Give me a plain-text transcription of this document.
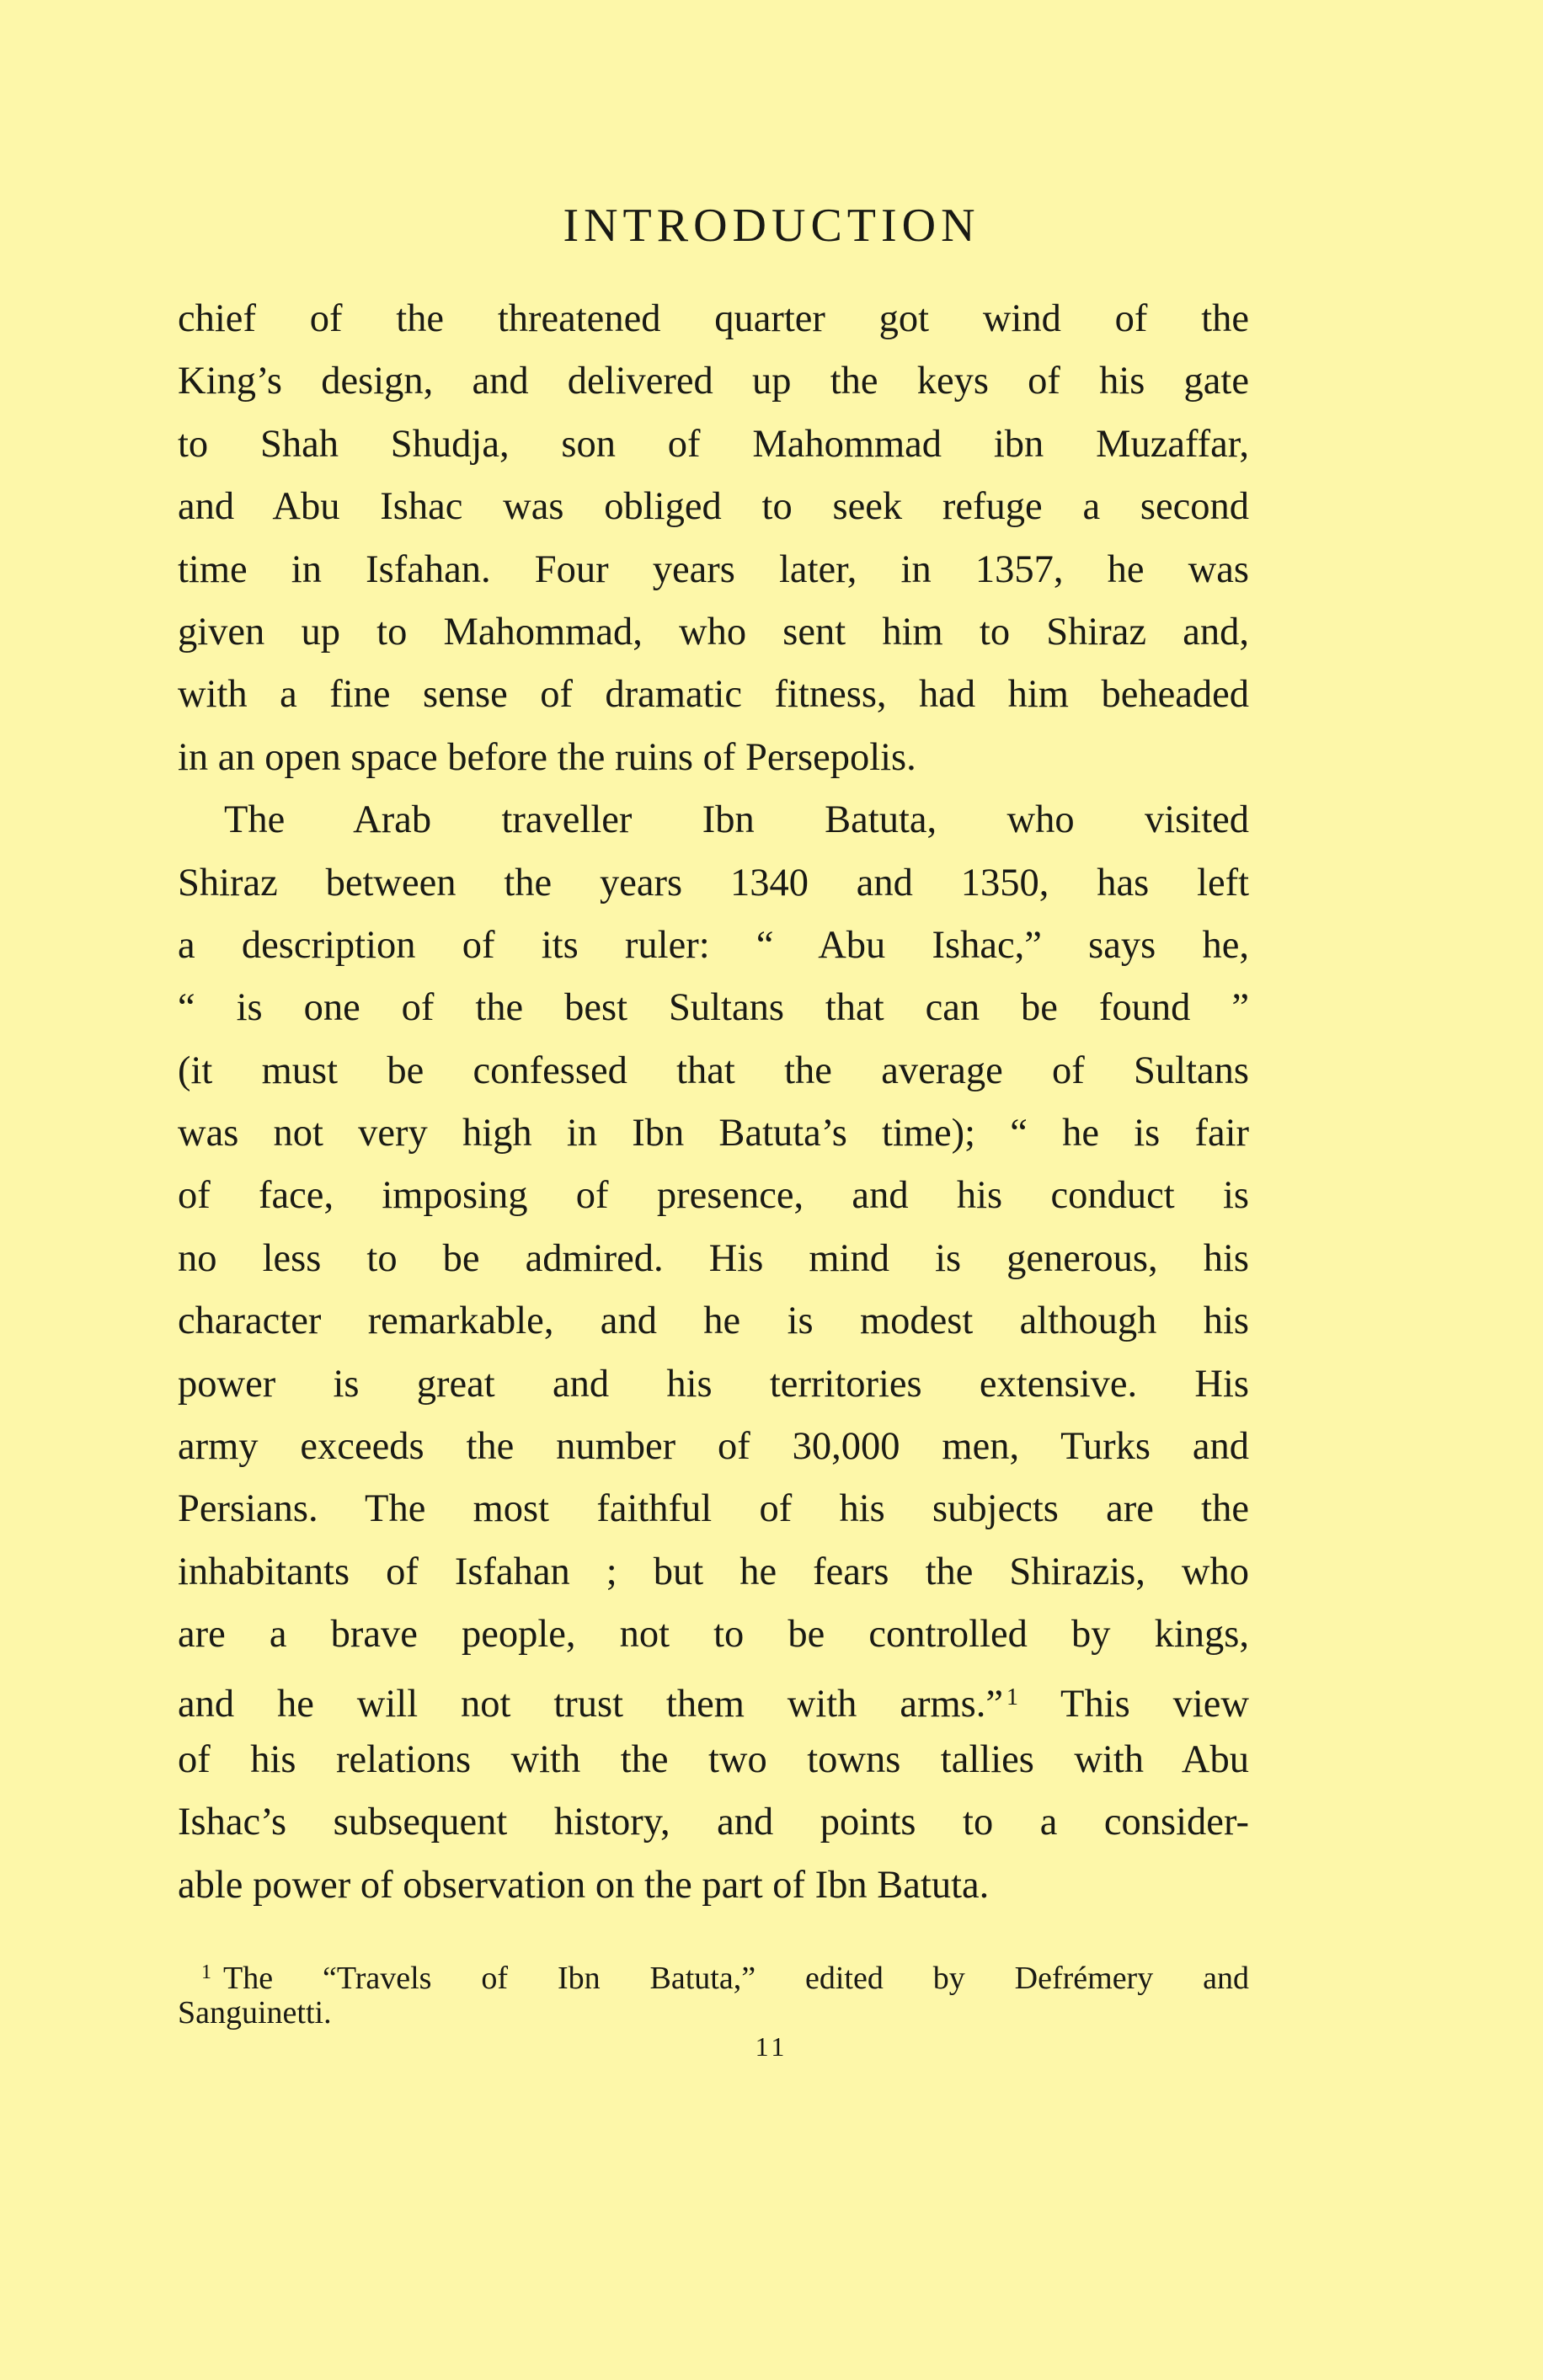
INTRODUCTION
chief of the threatened quarter got wind of the
King’s design, and delivered up the keys of his gate
to Shah Shudja, son of Mahommad ibn Muzaffar,
and Abu Ishac was obliged to seek refuge a second
time in Isfahan. Four years later, in 1357, he was
given up to Mahommad, who sent him to Shiraz and,
with a fine sense of dramatic fitness, had him beheaded
in an open space before the ruins of Persepolis.
The Arab traveller Ibn Batuta, who visited
Shiraz between the years 1340 and 1350, has left
a description of its ruler: “ Abu Ishac,” says he,
“ is one of the best Sultans that can be found ”
(it must be confessed that the average of Sultans
was not very high in Ibn Batuta’s time); “ he is fair
of face, imposing of presence, and his conduct is
no less to be admired. His mind is generous, his
character remarkable, and he is modest although his
power is great and his territories extensive. His
army exceeds the number of 30,000 men, Turks and
Persians. The most faithful of his subjects are the
inhabitants of Isfahan ; but he fears the Shirazis, who
are a brave people, not to be controlled by kings,
and he will not trust them with arms.” $^1$ This view
of his relations with the two towns tallies with Abu
Ishac’s subsequent history, and points to a consider-
able power of observation on the part of Ibn Batuta.
$^1$ The “Travels of Ibn Batuta,” edited by Defrémery and
Sanguinetti.
11
